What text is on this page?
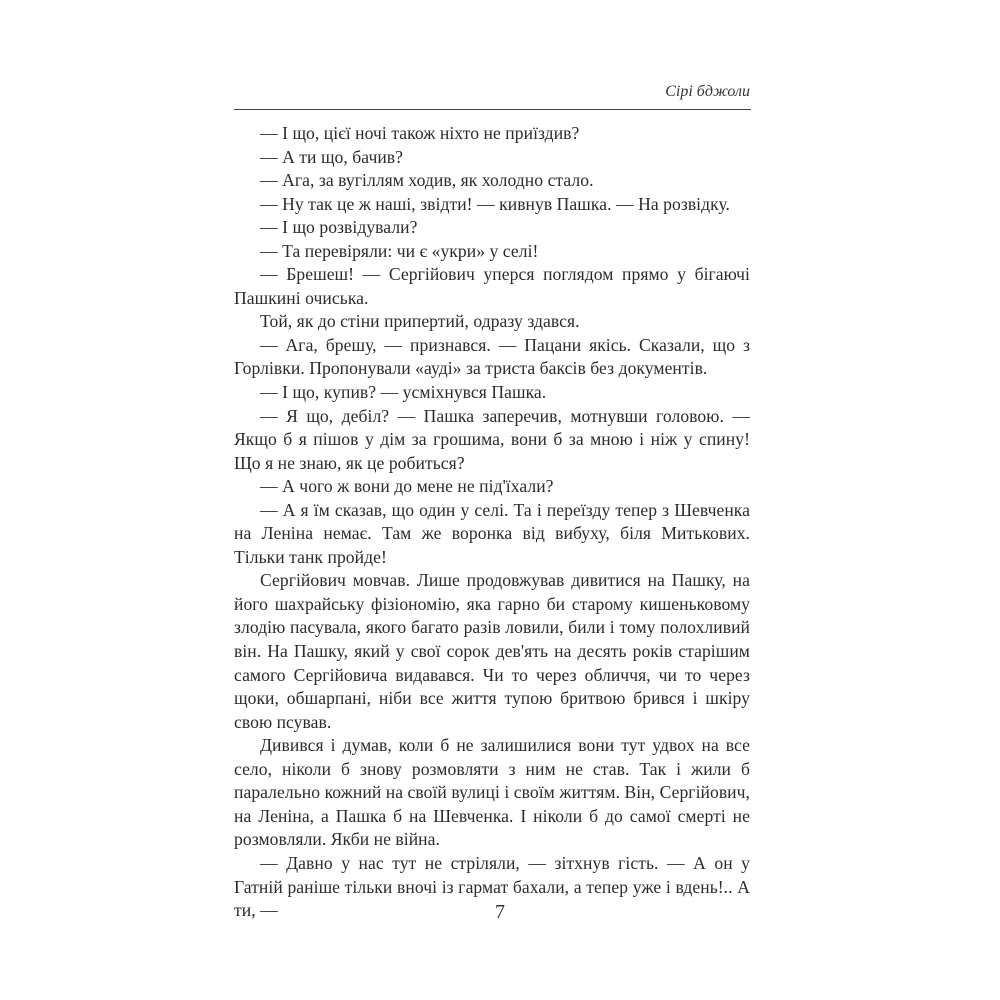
Сірі бджоли

— І що, цієї ночі також ніхто не приїздив?

— А ти що, бачив?

— Ага, за вугіллям ходив, як холодно стало.

— Ну так це ж наші, звідти! — кивнув Пашка. — На розвідку.

— І що розвідували?

— Та перевіряли: чи є «укри» у селі!

— Брешеш! — Сергійович уперся поглядом прямо у бігаючі Пашкині очиська.

Той, як до стіни припертий, одразу здався.

— Ага, брешу, — признався. — Пацани якісь. Сказали, що з Горлівки. Пропонували «ауді» за триста баксів без документів.

— І що, купив? — усміхнувся Пашка.

— Я що, дебіл? — Пашка заперечив, мотнувши головою. — Якщо б я пішов у дім за грошима, вони б за мною і ніж у спину! Що я не знаю, як це робиться?

— А чого ж вони до мене не під'їхали?

— А я їм сказав, що один у селі. Та і переїзду тепер з Шевченка на Леніна немає. Там же воронка від вибуху, біля Митькових. Тільки танк пройде!

Сергійович мовчав. Лише продовжував дивитися на Пашку, на його шахрайську фізіономію, яка гарно би старому кишеньковому злодію пасувала, якого багато разів ловили, били і тому полохливий він. На Пашку, який у свої сорок дев'ять на десять років старішим самого Сергійовича видавався. Чи то через обличчя, чи то через щоки, обшарпані, ніби все життя тупою бритвою брився і шкіру свою псував.

Дивився і думав, коли б не залишилися вони тут удвох на все село, ніколи б знову розмовляти з ним не став. Так і жили б паралельно кожний на своїй вулиці і своїм життям. Він, Сергійович, на Леніна, а Пашка б на Шевченка. І ніколи б до самої смерті не розмовляли. Якби не війна.

— Давно у нас тут не стріляли, — зітхнув гість. — А он у Гатній раніше тільки вночі із гармат бахали, а тепер уже і вдень!.. А ти, —	7
